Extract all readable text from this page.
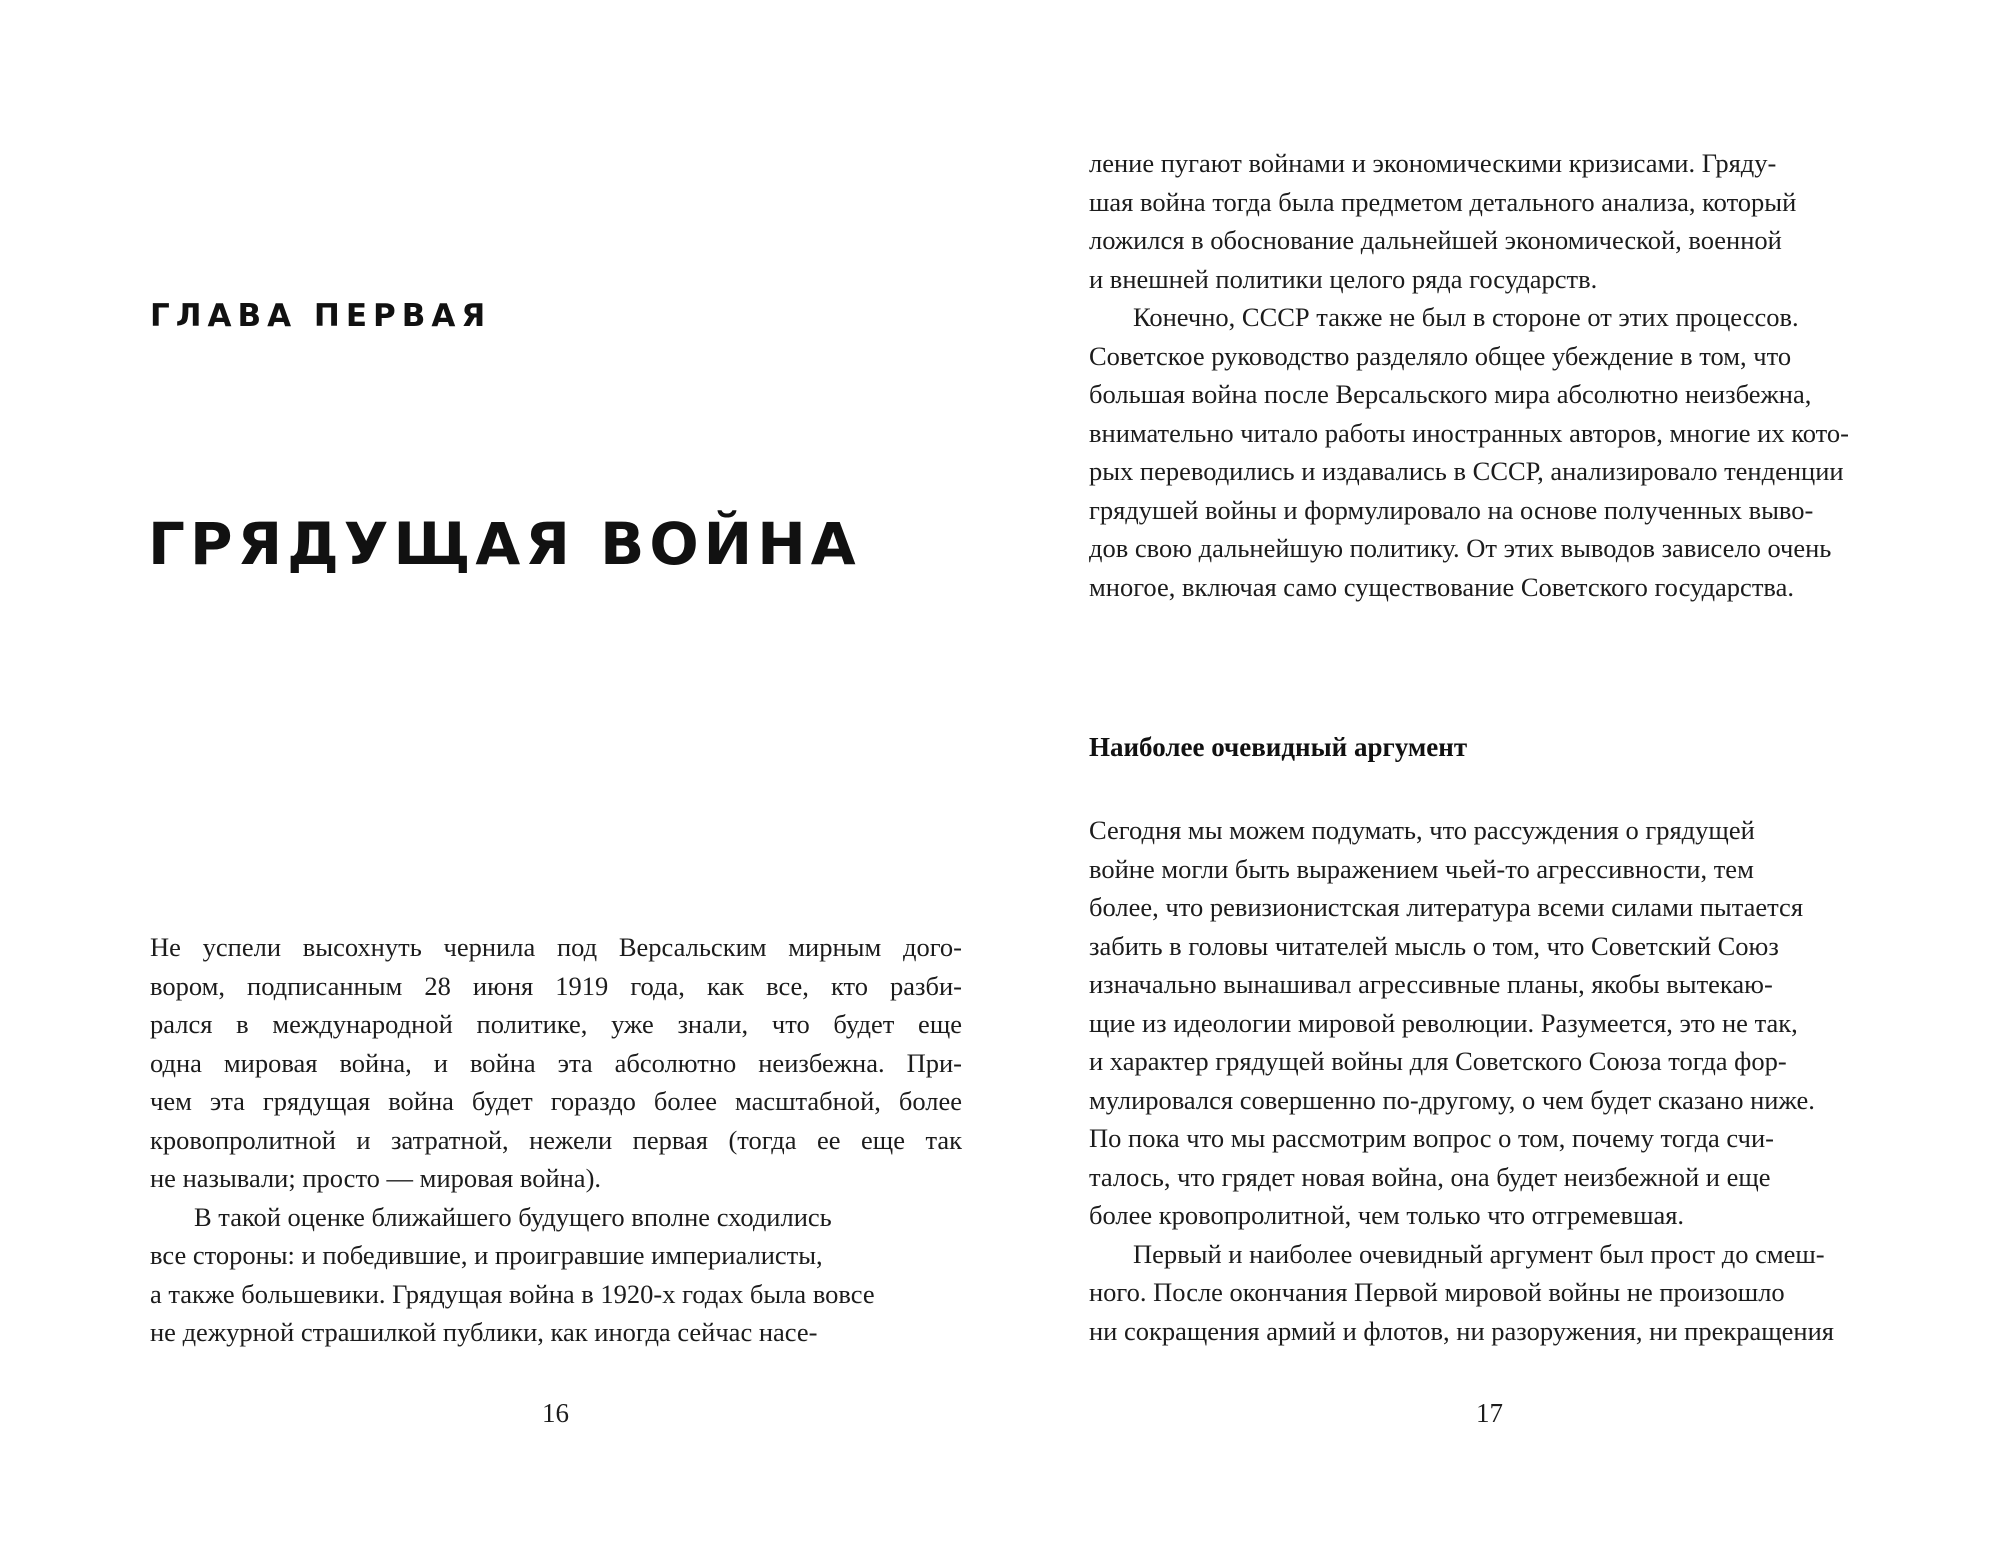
ГЛАВА ПЕРВАЯ
ГРЯДУЩАЯ ВОЙНА
Не успели высохнуть чернила под Версальским мирным дого-
вором, подписанным 28 июня 1919 года, как все, кто разби-
рался в международной политике, уже знали, что будет еще
одна мировая война, и война эта абсолютно неизбежна. При-
чем эта грядущая война будет гораздо более масштабной, более
кровопролитной и затратной, нежели первая (тогда ее еще так
не называли; просто — мировая война).
В такой оценке ближайшего будущего вполне сходились
все стороны: и победившие, и проигравшие империалисты,
а также большевики. Грядущая война в 1920-х годах была вовсе
не дежурной страшилкой публики, как иногда сейчас насе-
16
ление пугают войнами и экономическими кризисами. Гряду-
шая война тогда была предметом детального анализа, который
ложился в обоснование дальнейшей экономической, военной
и внешней политики целого ряда государств.
Конечно, СССР также не был в стороне от этих процессов.
Советское руководство разделяло общее убеждение в том, что
большая война после Версальского мира абсолютно неизбежна,
внимательно читало работы иностранных авторов, многие их кото-
рых переводились и издавались в СССР, анализировало тенденции
грядушей войны и формулировало на основе полученных выво-
дов свою дальнейшую политику. От этих выводов зависело очень
многое, включая само существование Советского государства.
Наиболее очевидный аргумент
Сегодня мы можем подумать, что рассуждения о грядущей
войне могли быть выражением чьей-то агрессивности, тем
более, что ревизионистская литература всеми силами пытается
забить в головы читателей мысль о том, что Советский Союз
изначально вынашивал агрессивные планы, якобы вытекаю-
щие из идеологии мировой революции. Разумеется, это не так,
и характер грядущей войны для Советского Союза тогда фор-
мулировался совершенно по-другому, о чем будет сказано ниже.
По пока что мы рассмотрим вопрос о том, почему тогда счи-
талось, что грядет новая война, она будет неизбежной и еще
более кровопролитной, чем только что отгремевшая.
Первый и наиболее очевидный аргумент был прост до смеш-
ного. После окончания Первой мировой войны не произошло
ни сокращения армий и флотов, ни разоружения, ни прекращения
17
